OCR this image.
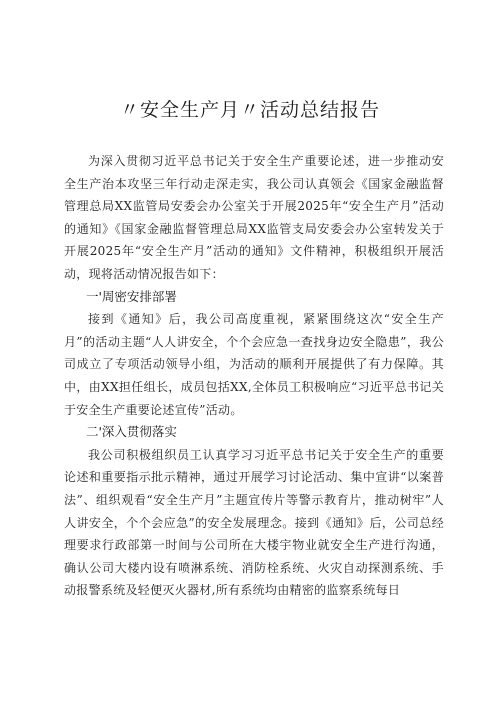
〃安全生产月〃活动总结报告

为深入贯彻习近平总书记关于安全生产重要论述，进一步推动安全生产治本攻坚三年行动走深走实，我公司认真领会《国家金融监督管理总局XX监管局安委会办公室关于开展2025年“安全生产月”活动的通知》《国家金融监督管理总局XX监管支局安委会办公室转发关于开展2025年“安全生产月”活动的通知》文件精神，积极组织开展活动，现将活动情况报告如下：

一'周密安排部署

接到《通知》后，我公司高度重视，紧紧围绕这次“安全生产月”的活动主题“人人讲安全，个个会应急一查找身边安全隐患”，我公司成立了专项活动领导小组，为活动的顺利开展提供了有力保障。其中，由XX担任组长，成员包括XX,全体员工积极响应“习近平总书记关于安全生产重要论述宣传”活动。

二'深入贯彻落实

我公司积极组织员工认真学习习近平总书记关于安全生产的重要论述和重要指示批示精神，通过开展学习讨论活动、集中宣讲“以案普法”、组织观看“安全生产月”主题宣传片等警示教育片，推动树牢”人人讲安全，个个会应急”的安全发展理念。接到《通知》后，公司总经理要求行政部第一时间与公司所在大楼宇物业就安全生产进行沟通，确认公司大楼内设有喷淋系统、消防栓系统、火灾自动探测系统、手动报警系统及轻便灭火器材,所有系统均由精密的监察系统每日
